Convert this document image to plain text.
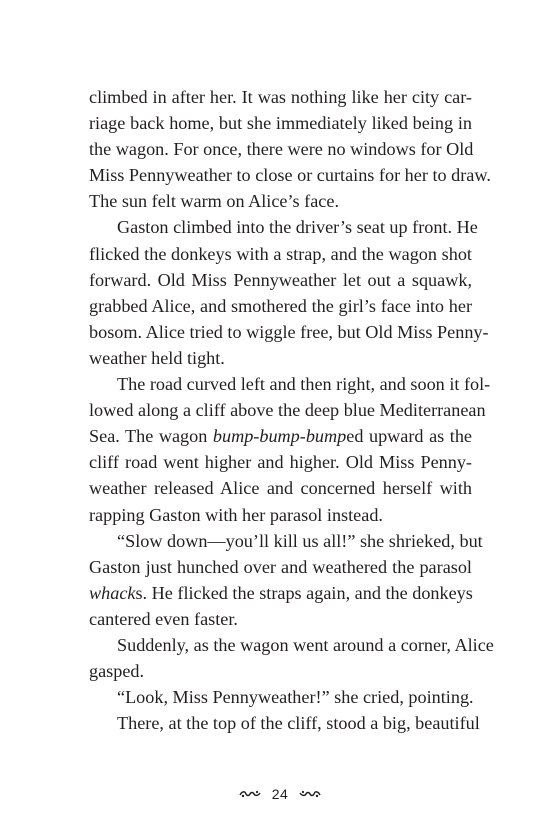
climbed in after her. It was nothing like her city car-
riage back home, but she immediately liked being in
the wagon. For once, there were no windows for Old
Miss Pennyweather to close or curtains for her to draw.
The sun felt warm on Alice’s face.
Gaston climbed into the driver’s seat up front. He
flicked the donkeys with a strap, and the wagon shot
forward. Old Miss Pennyweather let out a squawk,
grabbed Alice, and smothered the girl’s face into her
bosom. Alice tried to wiggle free, but Old Miss Penny-
weather held tight.
The road curved left and then right, and soon it fol-
lowed along a cliff above the deep blue Mediterranean
Sea. The wagon bump-bump-bumped upward as the
cliff road went higher and higher. Old Miss Penny-
weather released Alice and concerned herself with
rapping Gaston with her parasol instead.
“Slow down—you’ll kill us all!” she shrieked, but
Gaston just hunched over and weathered the parasol
whacks. He flicked the straps again, and the donkeys
cantered even faster.
Suddenly, as the wagon went around a corner, Alice
gasped.
“Look, Miss Pennyweather!” she cried, pointing.
There, at the top of the cliff, stood a big, beautiful
24
